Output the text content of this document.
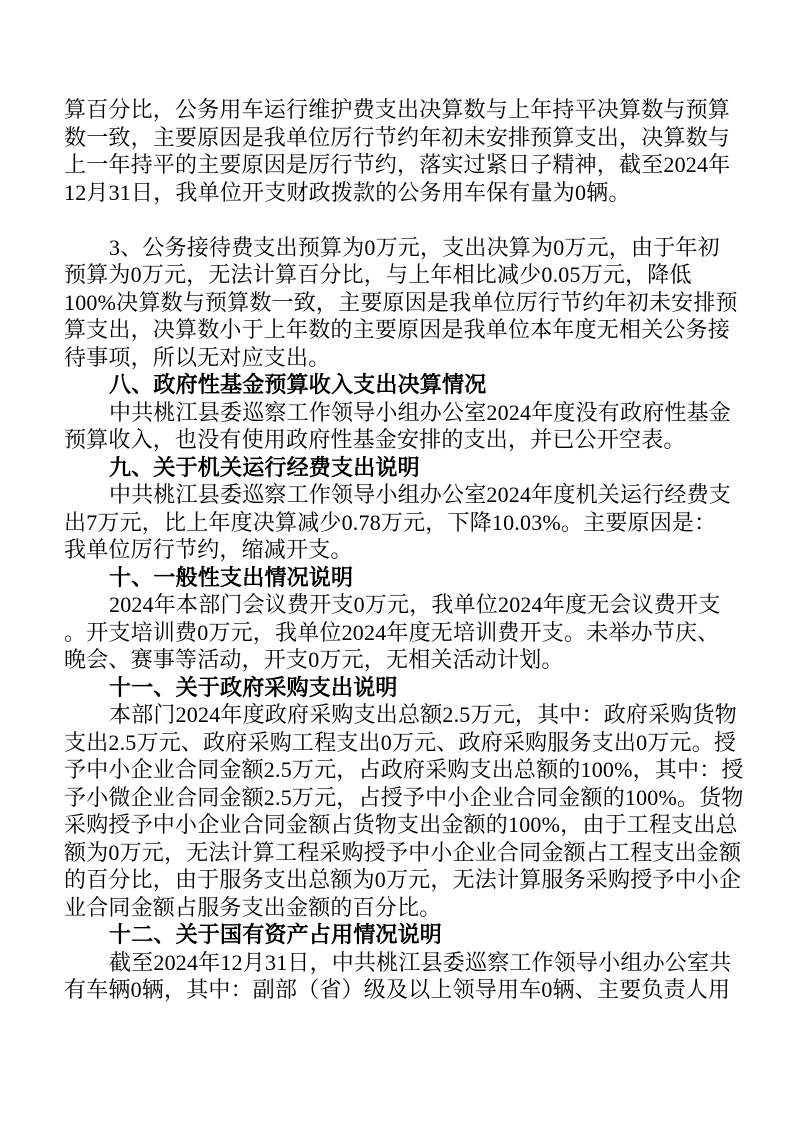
算百分比，公务用车运行维护费支出决算数与上年持平决算数与预算
数一致，主要原因是我单位厉行节约年初未安排预算支出，决算数与
上一年持平的主要原因是厉行节约，落实过紧日子精神，截至2024年
12月31日，我单位开支财政拨款的公务用车保有量为0辆。
3、公务接待费支出预算为0万元，支出决算为0万元，由于年初
预算为0万元，无法计算百分比，与上年相比减少0.05万元，降低
100%决算数与预算数一致，主要原因是我单位厉行节约年初未安排预
算支出，决算数小于上年数的主要原因是我单位本年度无相关公务接
待事项，所以无对应支出。
八、政府性基金预算收入支出决算情况
中共桃江县委巡察工作领导小组办公室2024年度没有政府性基金
预算收入，也没有使用政府性基金安排的支出，并已公开空表。
九、关于机关运行经费支出说明
中共桃江县委巡察工作领导小组办公室2024年度机关运行经费支
出7万元，比上年度决算减少0.78万元，下降10.03%。主要原因是：
我单位厉行节约，缩减开支。
十、一般性支出情况说明
2024年本部门会议费开支0万元，我单位2024年度无会议费开支
。开支培训费0万元，我单位2024年度无培训费开支。未举办节庆、
晚会、赛事等活动，开支0万元，无相关活动计划。
十一、关于政府采购支出说明
本部门2024年度政府采购支出总额2.5万元，其中：政府采购货物
支出2.5万元、政府采购工程支出0万元、政府采购服务支出0万元。授
予中小企业合同金额2.5万元，占政府采购支出总额的100%，其中：授
予小微企业合同金额2.5万元，占授予中小企业合同金额的100%。货物
采购授予中小企业合同金额占货物支出金额的100%，由于工程支出总
额为0万元，无法计算工程采购授予中小企业合同金额占工程支出金额
的百分比，由于服务支出总额为0万元，无法计算服务采购授予中小企
业合同金额占服务支出金额的百分比。
十二、关于国有资产占用情况说明
截至2024年12月31日，中共桃江县委巡察工作领导小组办公室共
有车辆0辆，其中：副部（省）级及以上领导用车0辆、主要负责人用
